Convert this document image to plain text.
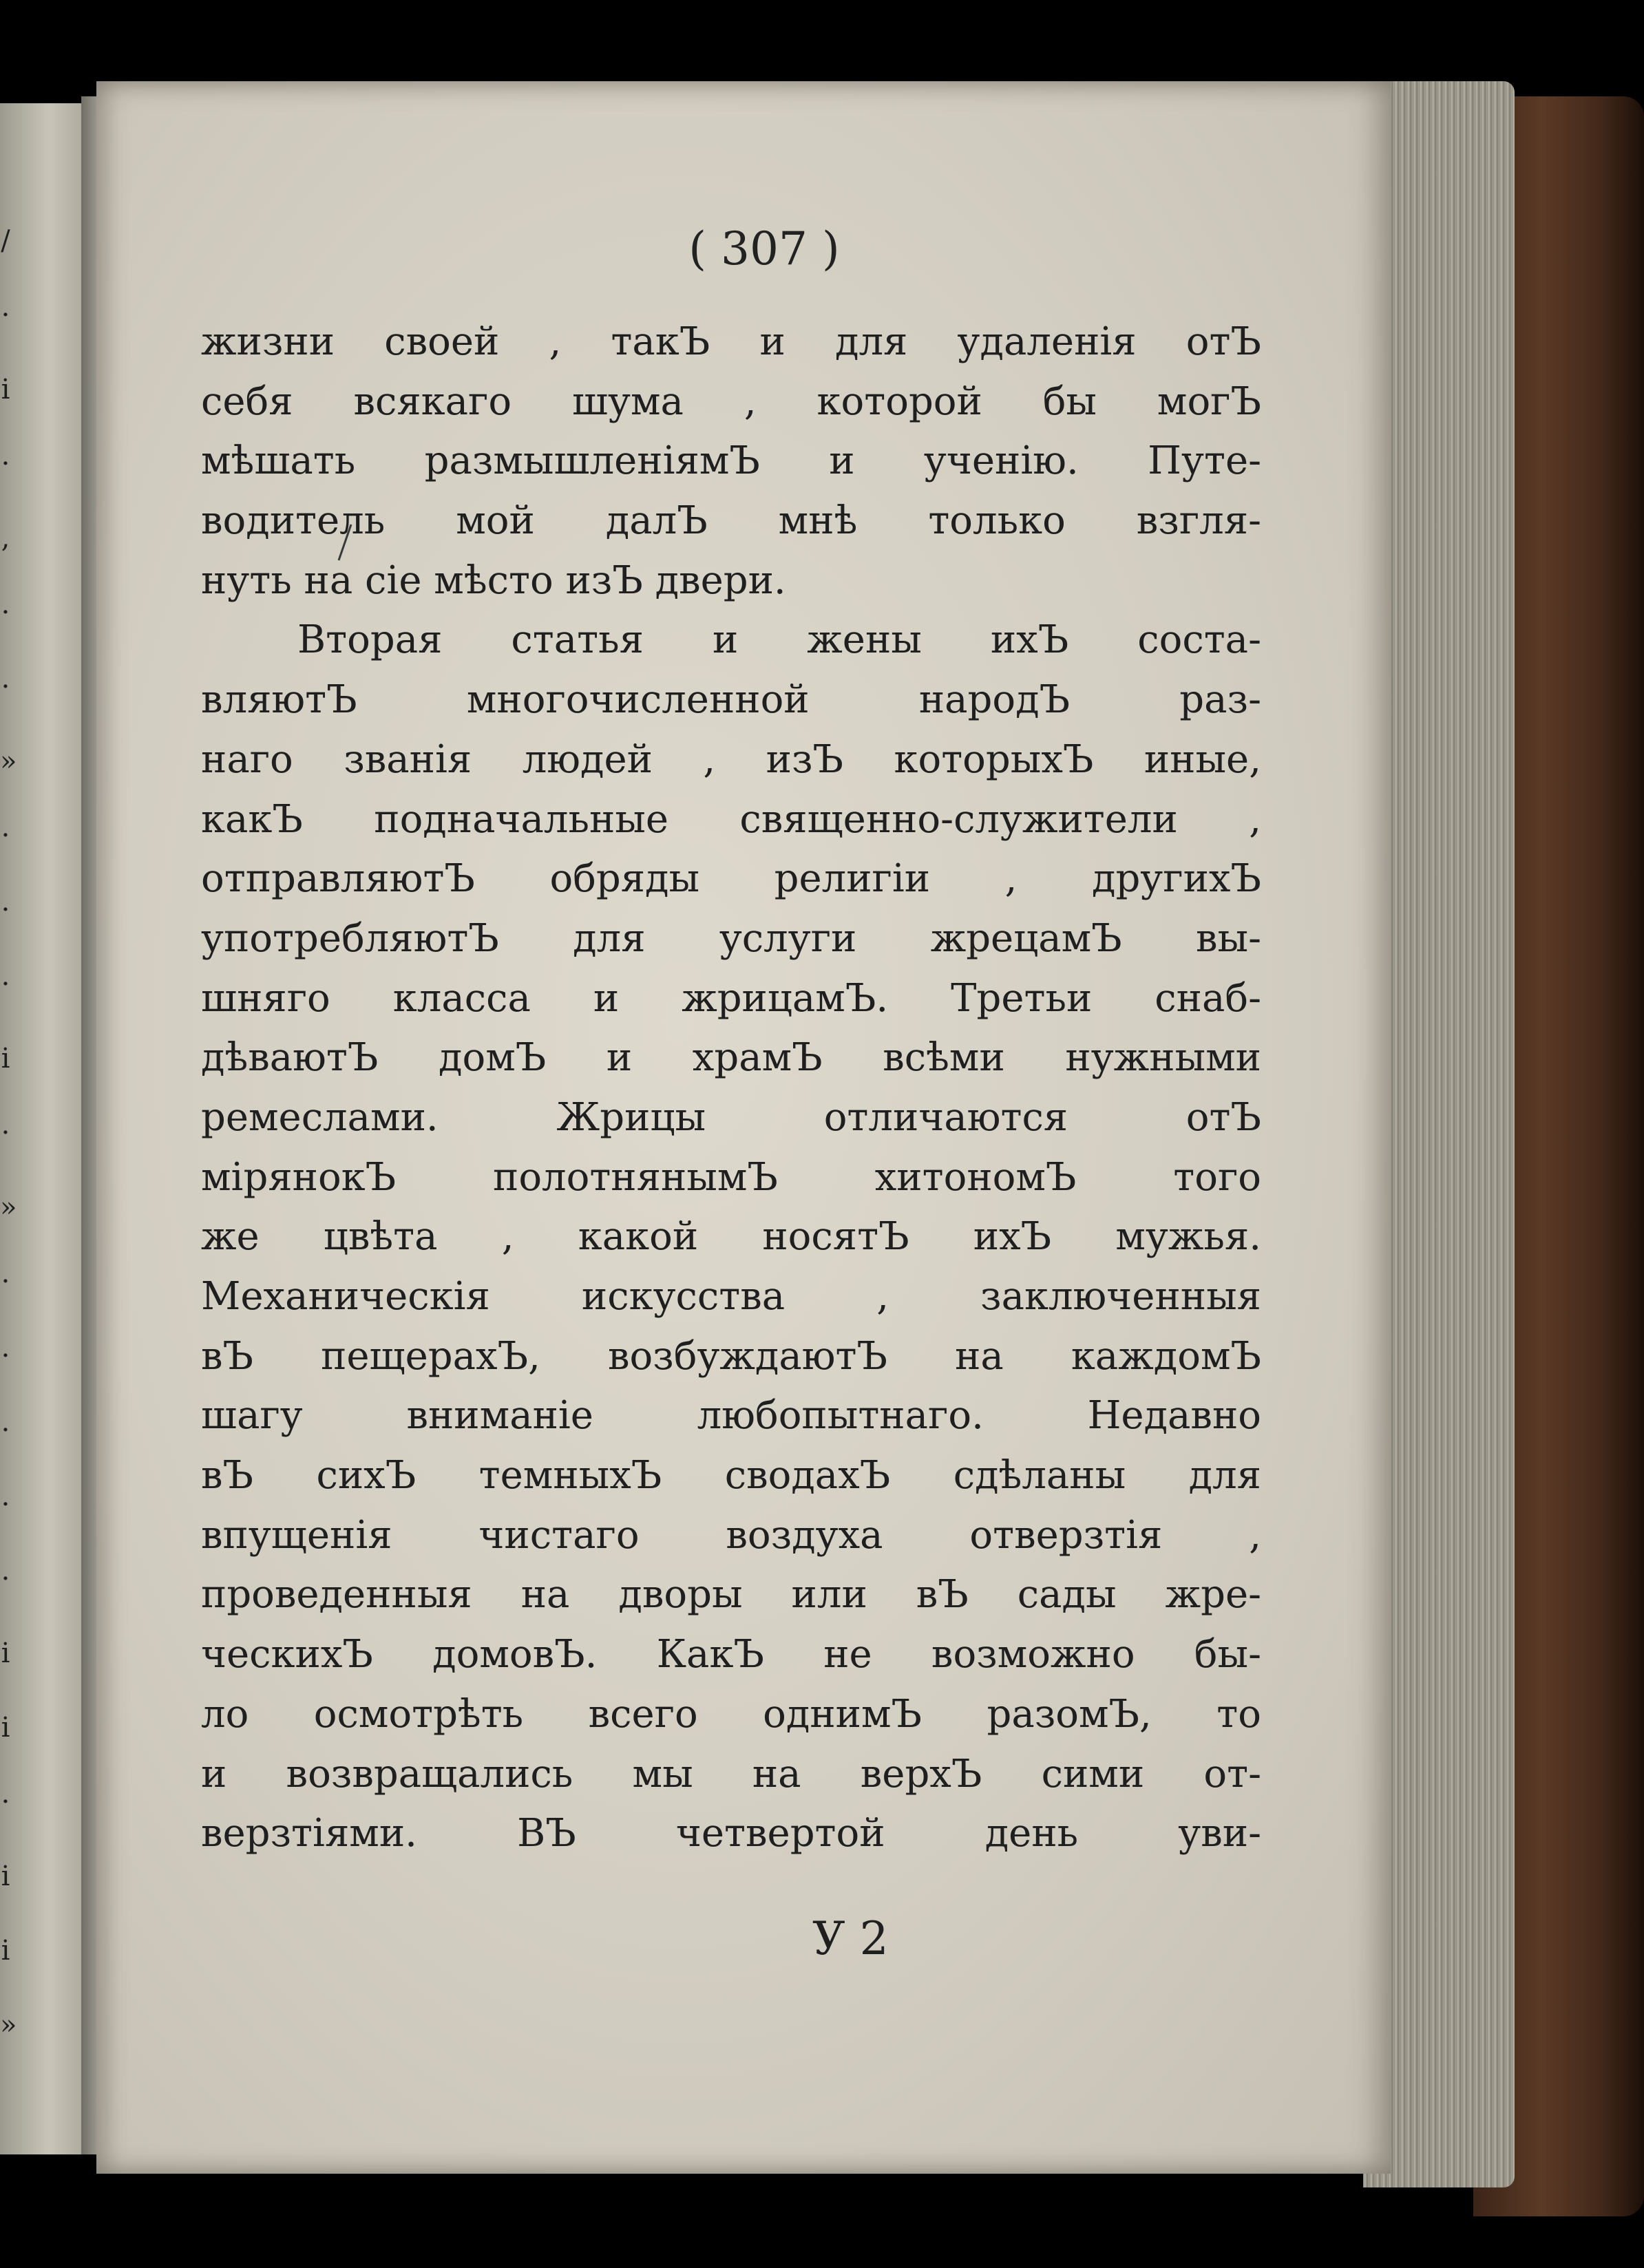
/
·
i
·
,
·
·
»
·
·
·
i
·
»
·
·
·
·
·
i
i
·
i
i
»
( 307 )
жизни своей , такЪ и для удаленія отЪ
себя всякаго шума , которой бы могЪ
мѣшать размышленіямЪ и ученію. Путе-
водитель мой далЪ мнѣ только взгля-
нуть на сіе мѣсто изЪ двери.
Вторая статья и жены ихЪ соста-
вляютЪ многочисленной народЪ раз-
наго званія людей , изЪ которыхЪ иные,
какЪ подначальные священно-служители ,
отправляютЪ обряды религіи , другихЪ
употребляютЪ для услуги жрецамЪ вы-
шняго класса и жрицамЪ. Третьи снаб-
дѣваютЪ домЪ и храмЪ всѣми нужными
ремеслами. Жрицы отличаются отЪ
мірянокЪ полотнянымЪ хитономЪ того
же цвѣта , какой носятЪ ихЪ мужья.
Механическія искусства , заключенныя
вЪ пещерахЪ, возбуждаютЪ на каждомЪ
шагу вниманіе любопытнаго. Недавно
вЪ сихЪ темныхЪ сводахЪ сдѣланы для
впущенія чистаго воздуха отверзтія ,
проведенныя на дворы или вЪ сады жре-
ческихЪ домовЪ. КакЪ не возможно бы-
ло осмотрѣть всего однимЪ разомЪ, то
и возвращались мы на верхЪ сими от-
верзтіями. ВЪ четвертой день уви-
У 2
